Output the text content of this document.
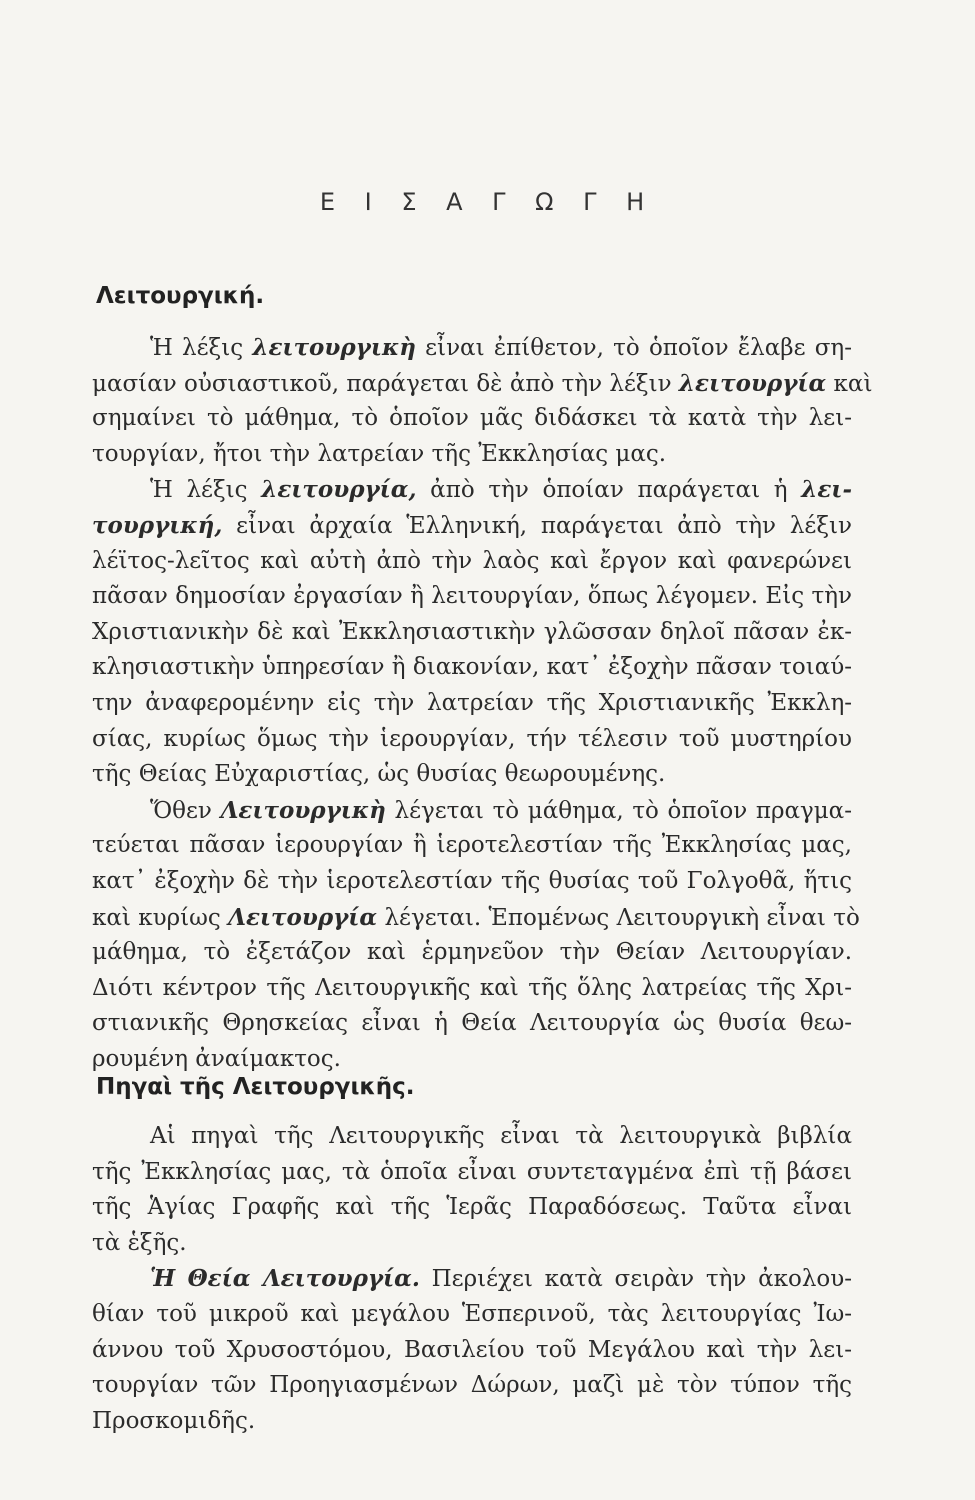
Ε Ι Σ Α Γ Ω Γ Η
Λειτουργική.
Ἡ λέξις λειτουργικὴ εἶναι ἐπίθετον, τὸ ὁποῖον ἔλαβε ση-
μασίαν οὐσιαστικοῦ, παράγεται δὲ ἀπὸ τὴν λέξιν λειτουργία καὶ
σημαίνει τὸ μάθημα, τὸ ὁποῖον μᾶς διδάσκει τὰ κατὰ τὴν λει-
τουργίαν, ἤτοι τὴν λατρείαν τῆς Ἐκκλησίας μας.
Ἡ λέξις λειτουργία, ἀπὸ τὴν ὁποίαν παράγεται ἡ λει-
τουργική, εἶναι ἀρχαία Ἑλληνική, παράγεται ἀπὸ τὴν λέξιν
λέϊτος-λεῖτος καὶ αὐτὴ ἀπὸ τὴν λαὸς καὶ ἔργον καὶ φανερώνει
πᾶσαν δημοσίαν ἐργασίαν ἢ λειτουργίαν, ὅπως λέγομεν. Εἰς τὴν
Χριστιανικὴν δὲ καὶ Ἐκκλησιαστικὴν γλῶσσαν δηλοῖ πᾶσαν ἐκ-
κλησιαστικὴν ὑπηρεσίαν ἢ διακονίαν, κατ᾿ ἐξοχὴν πᾶσαν τοιαύ-
την ἀναφερομένην εἰς τὴν λατρείαν τῆς Χριστιανικῆς Ἐκκλη-
σίας, κυρίως ὅμως τὴν ἱερουργίαν, τήν τέλεσιν τοῦ μυστηρίου
τῆς Θείας Εὐχαριστίας, ὡς θυσίας θεωρουμένης.
Ὅθεν Λειτουργικὴ λέγεται τὸ μάθημα, τὸ ὁποῖον πραγμα-
τεύεται πᾶσαν ἱερουργίαν ἢ ἱεροτελεστίαν τῆς Ἐκκλησίας μας,
κατ᾿ ἐξοχὴν δὲ τὴν ἱεροτελεστίαν τῆς θυσίας τοῦ Γολγοθᾶ, ἥτις
καὶ κυρίως Λειτουργία λέγεται. Ἑπομένως Λειτουργικὴ εἶναι τὸ
μάθημα, τὸ ἐξετάζον καὶ ἑρμηνεῦον τὴν Θείαν Λειτουργίαν.
Διότι κέντρον τῆς Λειτουργικῆς καὶ τῆς ὅλης λατρείας τῆς Χρι-
στιανικῆς Θρησκείας εἶναι ἡ Θεία Λειτουργία ὡς θυσία θεω-
ρουμένη ἀναίμακτος.
Πηγαὶ τῆς Λειτουργικῆς.
Αἱ πηγαὶ τῆς Λειτουργικῆς εἶναι τὰ λειτουργικὰ βιβλία
τῆς Ἐκκλησίας μας, τὰ ὁποῖα εἶναι συντεταγμένα ἐπὶ τῇ βάσει
τῆς Ἁγίας Γραφῆς καὶ τῆς Ἱερᾶς Παραδόσεως. Ταῦτα εἶναι
τὰ ἑξῆς.
Ἡ Θεία Λειτουργία. Περιέχει κατὰ σειρὰν τὴν ἀκολου-
θίαν τοῦ μικροῦ καὶ μεγάλου Ἑσπερινοῦ, τὰς λειτουργίας Ἰω-
άννου τοῦ Χρυσοστόμου, Βασιλείου τοῦ Μεγάλου καὶ τὴν λει-
τουργίαν τῶν Προηγιασμένων Δώρων, μαζὶ μὲ τὸν τύπον τῆς
Προσκομιδῆς.
